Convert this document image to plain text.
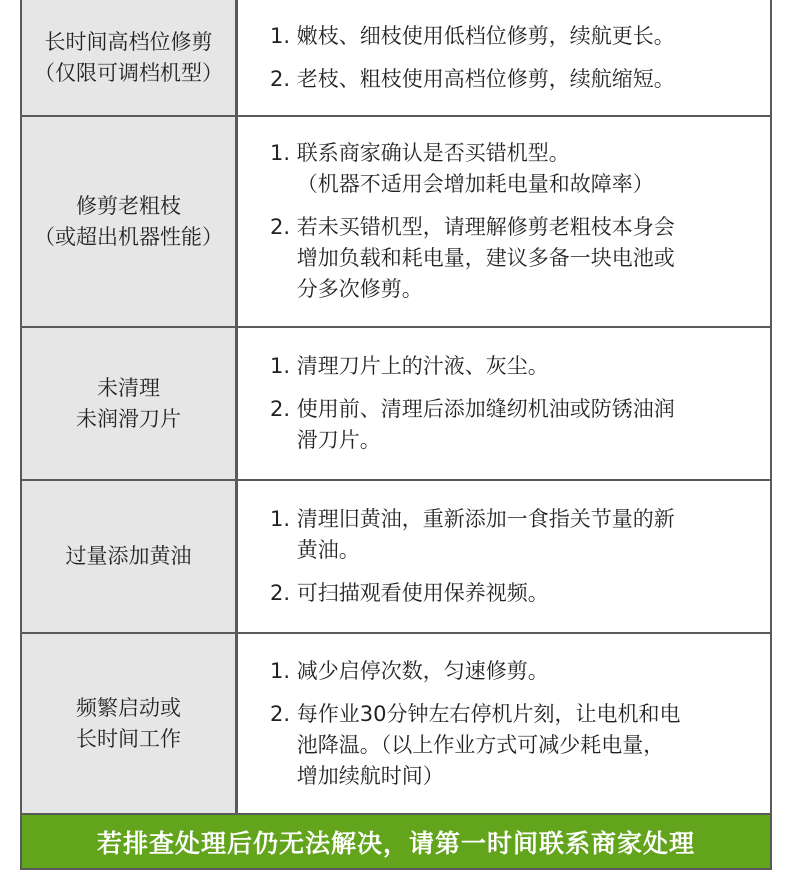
长时间高档位修剪
（仅限可调档机型）
1. 嫩枝、细枝使用低档位修剪，续航更长。
2. 老枝、粗枝使用高档位修剪，续航缩短。
修剪老粗枝
（或超出机器性能）
1. 联系商家确认是否买错机型。
（机器不适用会增加耗电量和故障率）
2. 若未买错机型，请理解修剪老粗枝本身会
增加负载和耗电量，建议多备一块电池或
分多次修剪。
未清理
未润滑刀片
1. 清理刀片上的汁液、灰尘。
2. 使用前、清理后添加缝纫机油或防锈油润
滑刀片。
过量添加黄油
1. 清理旧黄油，重新添加一食指关节量的新
黄油。
2. 可扫描观看使用保养视频。
频繁启动或
长时间工作
1. 减少启停次数，匀速修剪。
2. 每作业30分钟左右停机片刻，让电机和电
池降温。（以上作业方式可减少耗电量，
增加续航时间）
若排查处理后仍无法解决，请第一时间联系商家处理
